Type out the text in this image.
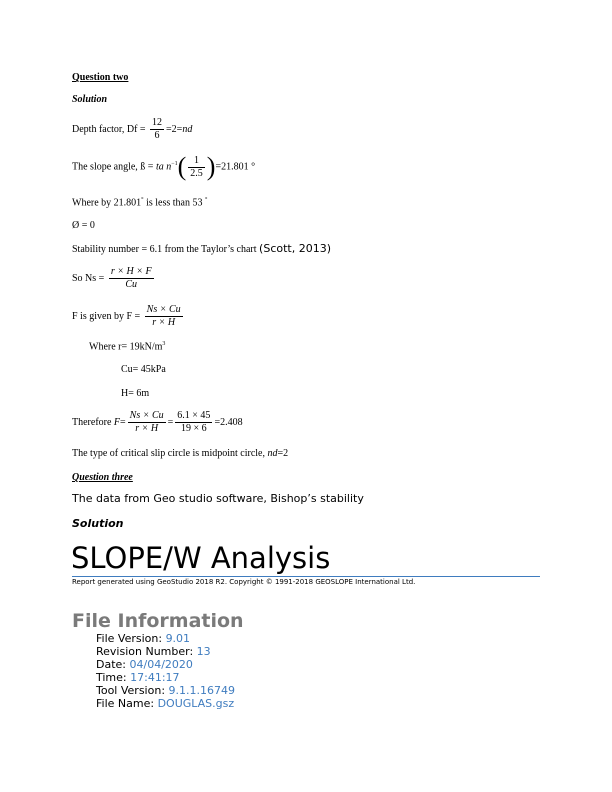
Question two
Solution
Depth factor, $Df = \frac{12}{6} =2=nd$
The slope angle, ß = ta $n^{-1}( \frac{1}{2.5} )=21.801$ °
Where by 21.801° is less than 53 °
Ø = 0
Stability number = 6.1 from the Taylor’s chart (Scott, 2013)
So $Ns = \frac{r \times H \times F}{Cu}$
F is given by $F = \frac{Ns \times Cu}{r \times H}$
Where $r= 19kN/m^3$
Cu= 45kPa
H= 6m
Therefore $F= \frac{Ns \times Cu}{r \times H} = \frac{6.1 \times 45}{19 \times 6} =2.408$
The type of critical slip circle is midpoint circle, nd=2
Question three
The data from Geo studio software, Bishop’s stability
Solution
SLOPE/W Analysis
Report generated using GeoStudio 2018 R2. Copyright © 1991-2018 GEOSLOPE International Ltd.
File Information
File Version: 9.01
Revision Number: 13
Date: 04/04/2020
Time: 17:41:17
Tool Version: 9.1.1.16749
File Name: DOUGLAS.gsz
